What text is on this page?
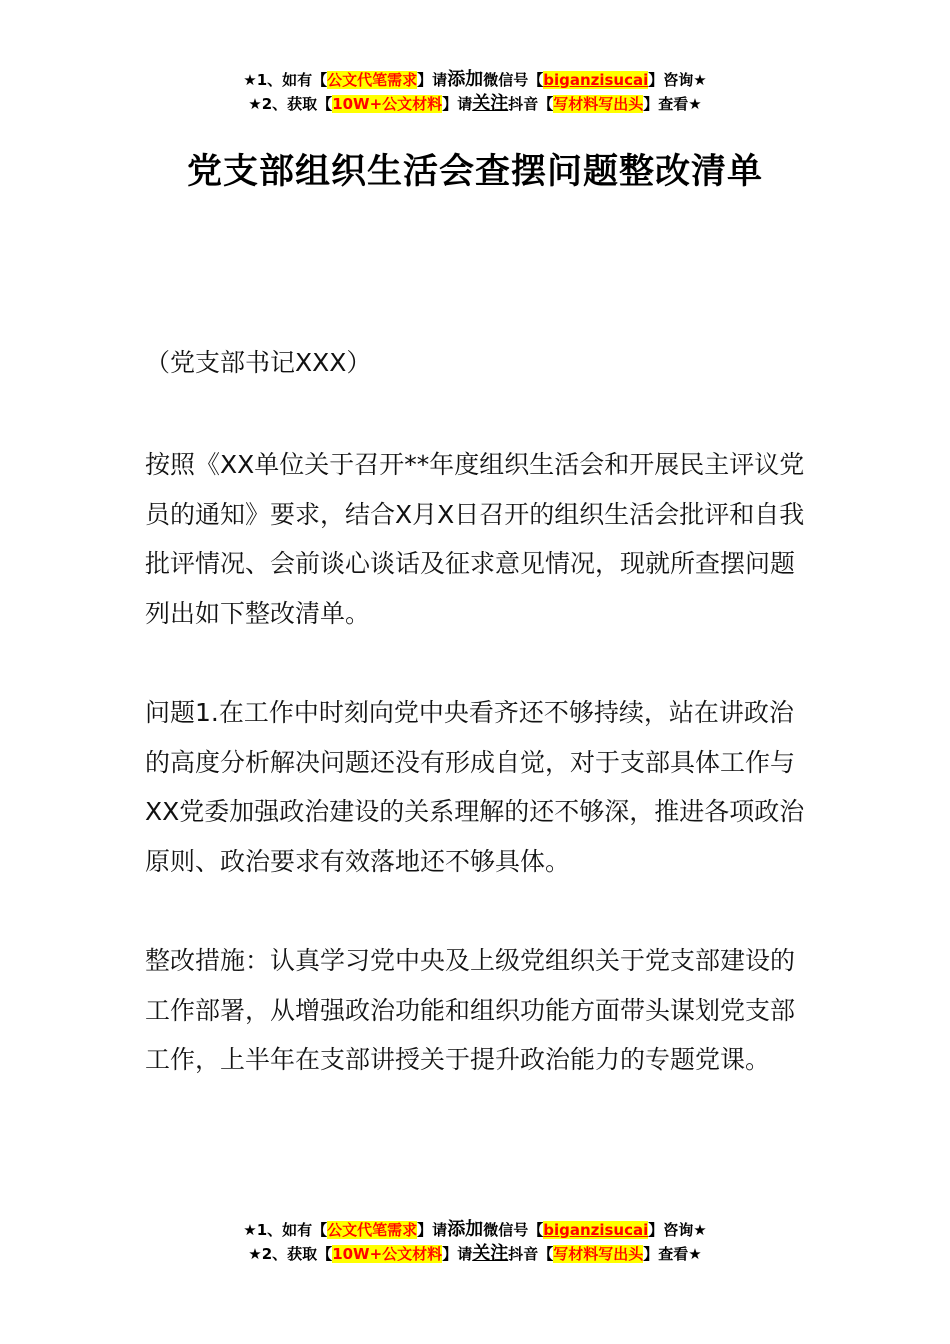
★1、如有【公文代笔需求】请添加微信号【biganzisucai】咨询★
★2、获取【10W+公文材料】请关注抖音【写材料写出头】查看★
党支部组织生活会查摆问题整改清单
（党支部书记XXX）
按照《XX单位关于召开**年度组织生活会和开展民主评议党员的通知》要求，结合X月X日召开的组织生活会批评和自我批评情况、会前谈心谈话及征求意见情况，现就所查摆问题列出如下整改清单。
问题1.在工作中时刻向党中央看齐还不够持续，站在讲政治的高度分析解决问题还没有形成自觉，对于支部具体工作与XX党委加强政治建设的关系理解的还不够深，推进各项政治原则、政治要求有效落地还不够具体。
整改措施：认真学习党中央及上级党组织关于党支部建设的工作部署，从增强政治功能和组织功能方面带头谋划党支部工作，上半年在支部讲授关于提升政治能力的专题党课。
★1、如有【公文代笔需求】请添加微信号【biganzisucai】咨询★
★2、获取【10W+公文材料】请关注抖音【写材料写出头】查看★
